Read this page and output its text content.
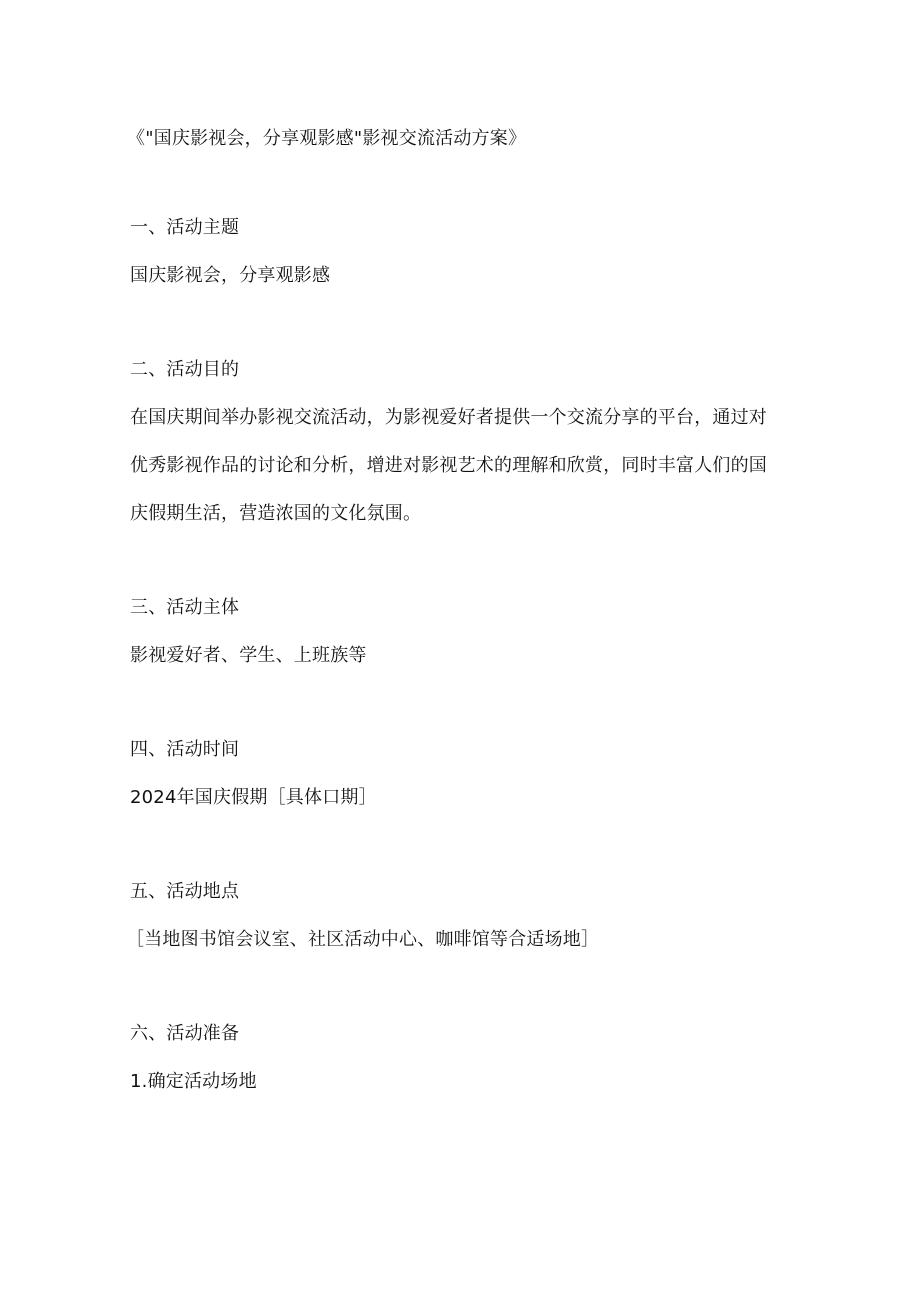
《"国庆影视会，分享观影感"影视交流活动方案》
一、活动主题
国庆影视会，分享观影感
二、活动目的
在国庆期间举办影视交流活动，为影视爱好者提供一个交流分享的平台，通过对
优秀影视作品的讨论和分析，增进对影视艺术的理解和欣赏，同时丰富人们的国
庆假期生活，营造浓国的文化氛围。
三、活动主体
影视爱好者、学生、上班族等
四、活动时间
2024年国庆假期［具体口期］
五、活动地点
［当地图书馆会议室、社区活动中心、咖啡馆等合适场地］
六、活动准备
1.确定活动场地
